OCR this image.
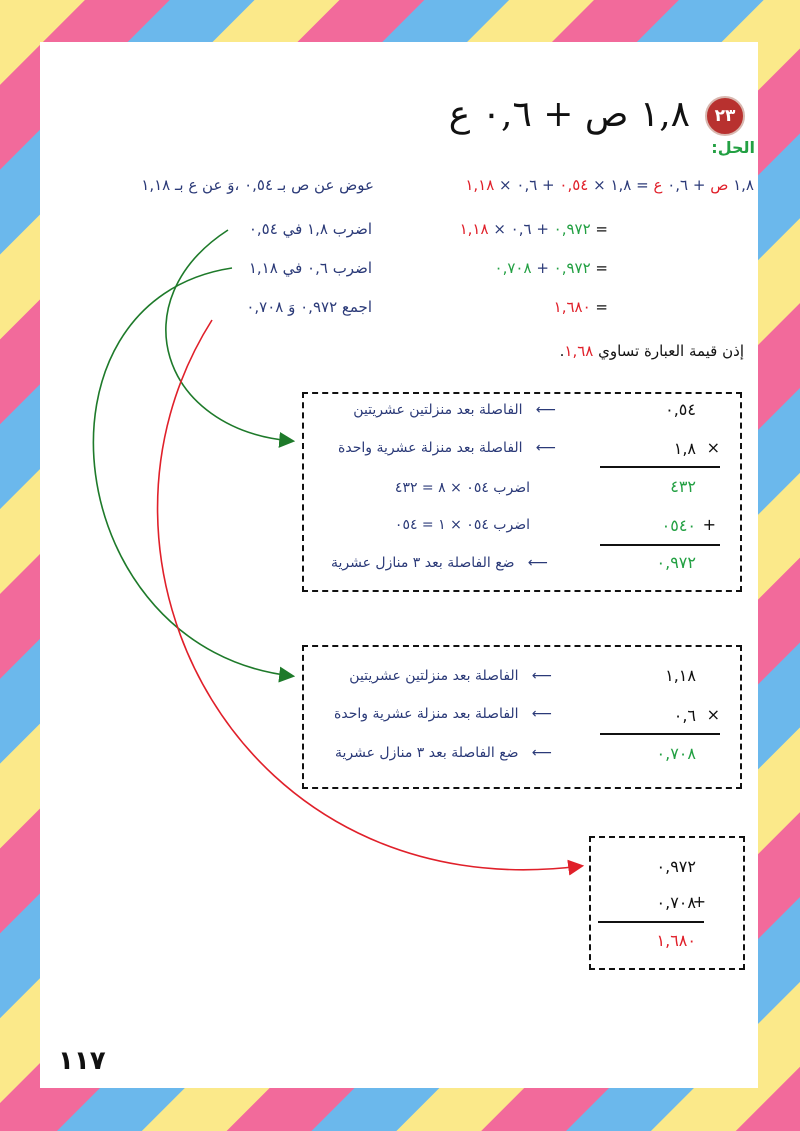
٢٣
١,٨ ص + ٠,٦ ع
الحل:
١,٨ ص + ٠,٦ ع = ١,٨ × ٠,٥٤ + ٠,٦ × ١,١٨
عوض عن ص بـ ٠,٥٤ ،وَ عن ع بـ ١,١٨
= ٠,٩٧٢ + ٠,٦ × ١,١٨
اضرب ١,٨ في ٠,٥٤
= ٠,٩٧٢ + ٠,٧٠٨
اضرب ٠,٦ في ١,١٨
= ١,٦٨٠
اجمع ٠,٩٧٢ وَ ٠,٧٠٨
إذن قيمة العبارة تساوي ١,٦٨.
٠,٥٤
١,٨ ×
٤٣٢
٠٥٤٠ +
٠,٩٧٢
⟵   الفاصلة بعد منزلتين عشريتين
⟵   الفاصلة بعد منزلة عشرية واحدة
اضرب ٠٥٤ × ٨ = ٤٣٢
اضرب ٠٥٤ × ١ = ٠٥٤
⟵   ضع الفاصلة بعد ٣ منازل عشرية
١,١٨
٠,٦ ×
٠,٧٠٨
⟵   الفاصلة بعد منزلتين عشريتين
⟵   الفاصلة بعد منزلة عشرية واحدة
⟵   ضع الفاصلة بعد ٣ منازل عشرية
٠,٩٧٢
٠,٧٠٨
+
١,٦٨٠
١١٧
